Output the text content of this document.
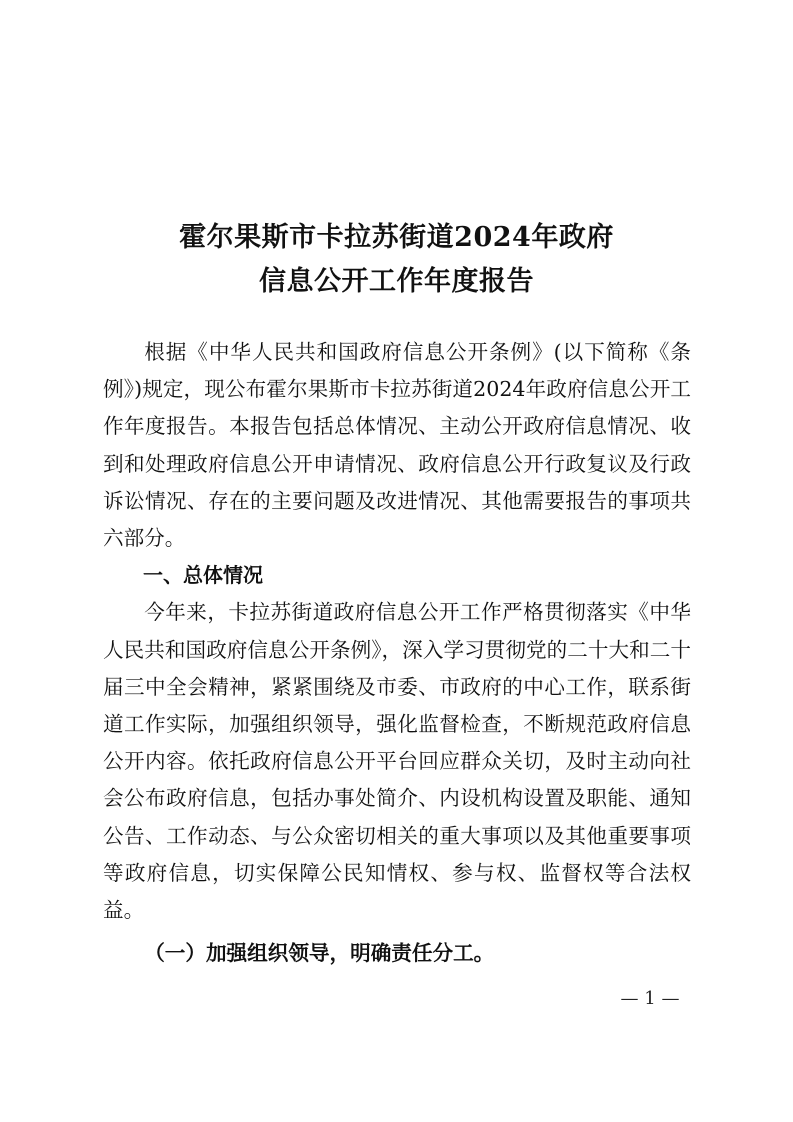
霍尔果斯市卡拉苏街道2024年政府
信息公开工作年度报告

根据《中华人民共和国政府信息公开条例》(以下简称《条例》)规定，现公布霍尔果斯市卡拉苏街道2024年政府信息公开工作年度报告。本报告包括总体情况、主动公开政府信息情况、收到和处理政府信息公开申请情况、政府信息公开行政复议及行政诉讼情况、存在的主要问题及改进情况、其他需要报告的事项共六部分。

一、总体情况

今年来，卡拉苏街道政府信息公开工作严格贯彻落实《中华人民共和国政府信息公开条例》，深入学习贯彻党的二十大和二十届三中全会精神，紧紧围绕及市委、市政府的中心工作，联系街道工作实际，加强组织领导，强化监督检查，不断规范政府信息公开内容。依托政府信息公开平台回应群众关切，及时主动向社会公布政府信息，包括办事处简介、内设机构设置及职能、通知公告、工作动态、与公众密切相关的重大事项以及其他重要事项等政府信息，切实保障公民知情权、参与权、监督权等合法权益。

（一）加强组织领导，明确责任分工。

— 1 —
